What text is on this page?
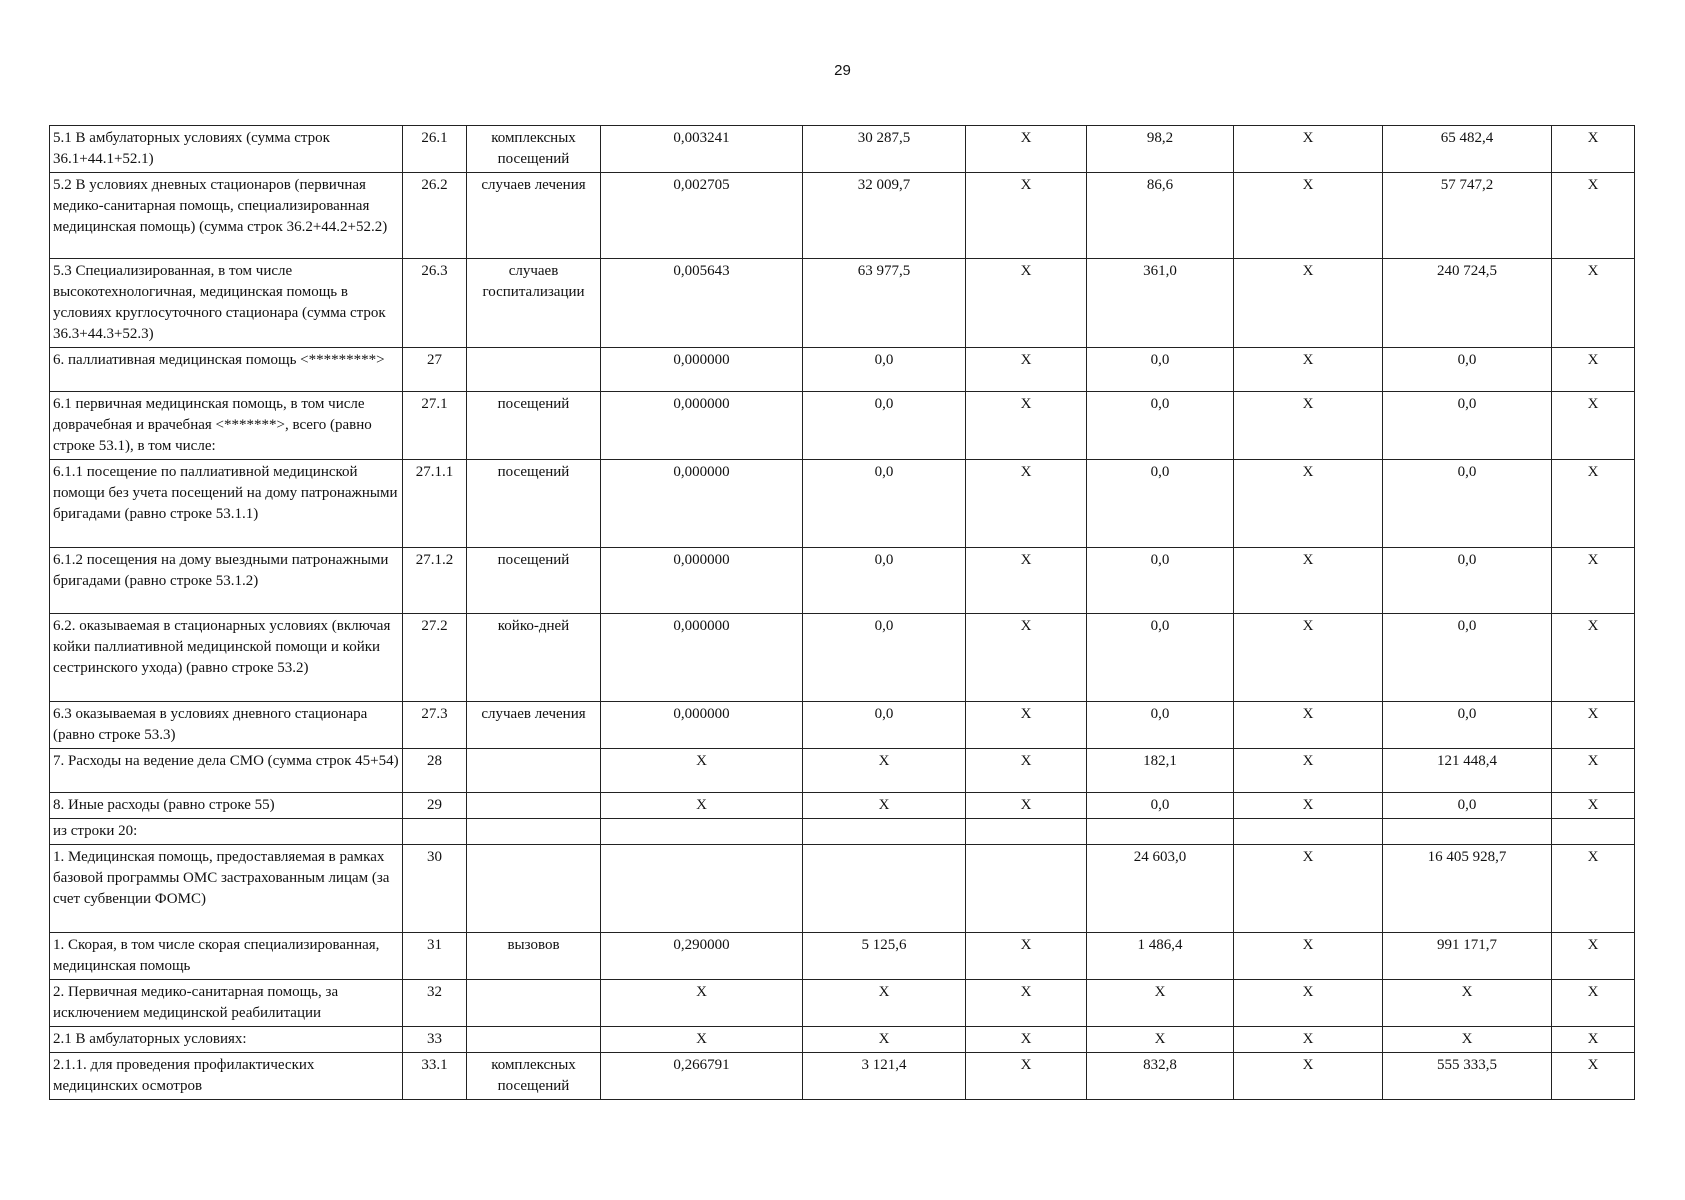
29
5.1 В амбулаторных условиях (сумма строк 36.1+44.1+52.1)	26.1	комплексных посещений	0,003241	30 287,5	X	98,2	X	65 482,4	X
5.2 В условиях дневных стационаров (первичная медико-санитарная помощь, специализированная медицинская помощь) (сумма строк 36.2+44.2+52.2)	26.2	случаев лечения	0,002705	32 009,7	X	86,6	X	57 747,2	X
5.3 Специализированная, в том числе высокотехнологичная, медицинская помощь в условиях круглосуточного стационара (сумма строк 36.3+44.3+52.3)	26.3	случаев госпитализации	0,005643	63 977,5	X	361,0	X	240 724,5	X
6. паллиативная медицинская помощь <*********>	27		0,000000	0,0	X	0,0	X	0,0	X
6.1 первичная медицинская помощь, в том числе доврачебная и врачебная <*******>, всего (равно строке 53.1), в том числе:	27.1	посещений	0,000000	0,0	X	0,0	X	0,0	X
6.1.1 посещение по паллиативной медицинской помощи без учета посещений на дому патронажными бригадами (равно строке 53.1.1)	27.1.1	посещений	0,000000	0,0	X	0,0	X	0,0	X
6.1.2 посещения на дому выездными патронажными бригадами (равно строке 53.1.2)	27.1.2	посещений	0,000000	0,0	X	0,0	X	0,0	X
6.2. оказываемая в стационарных условиях (включая койки паллиативной медицинской помощи и койки сестринского ухода) (равно строке 53.2)	27.2	койко-дней	0,000000	0,0	X	0,0	X	0,0	X
6.3 оказываемая в условиях дневного стационара (равно строке 53.3)	27.3	случаев лечения	0,000000	0,0	X	0,0	X	0,0	X
7. Расходы на ведение дела СМО (сумма строк 45+54)	28		X	X	X	182,1	X	121 448,4	X
8. Иные расходы (равно строке 55)	29		X	X	X	0,0	X	0,0	X
из строки 20:									
1. Медицинская помощь, предоставляемая в рамках базовой программы ОМС застрахованным лицам (за счет субвенции ФОМС)	30					24 603,0	X	16 405 928,7	X
1. Скорая, в том числе скорая специализированная, медицинская помощь	31	вызовов	0,290000	5 125,6	X	1 486,4	X	991 171,7	X
2. Первичная медико-санитарная помощь, за исключением медицинской реабилитации	32		X	X	X	X	X	X	X
2.1 В амбулаторных условиях:	33		X	X	X	X	X	X	X
2.1.1. для проведения профилактических медицинских осмотров	33.1	комплексных посещений	0,266791	3 121,4	X	832,8	X	555 333,5	X
